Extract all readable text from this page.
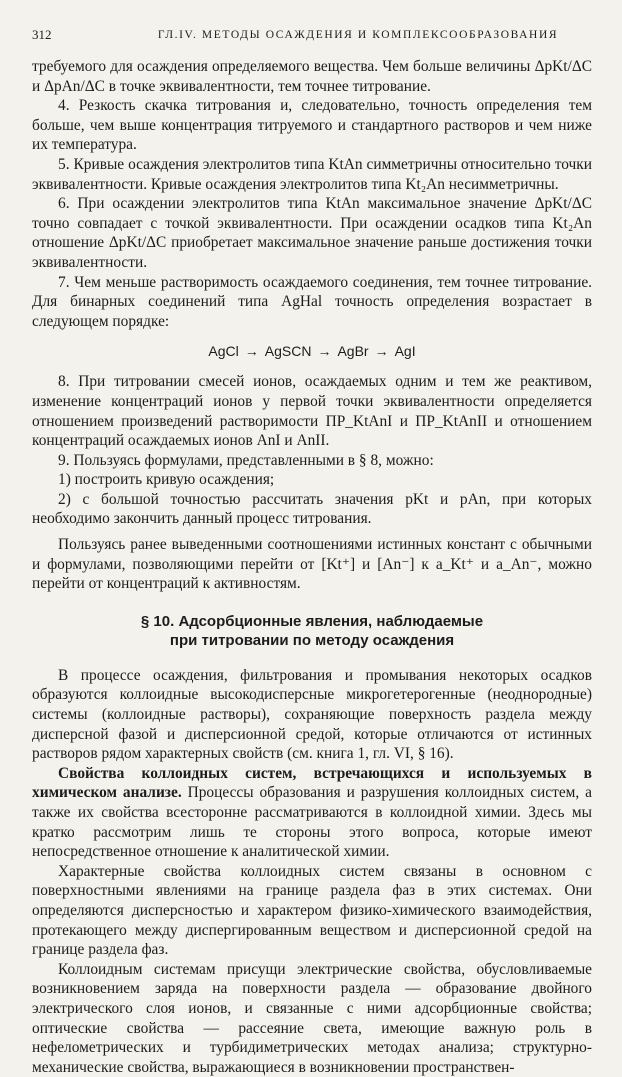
312	ГЛ.IV. МЕТОДЫ ОСАЖДЕНИЯ И КОМПЛЕКСООБРАЗОВАНИЯ

требуемого для осаждения определяемого вещества. Чем больше величины ΔpKt/ΔC и ΔpAn/ΔC в точке эквивалентности, тем точнее титрование.

4. Резкость скачка титрования и, следовательно, точность определения тем больше, чем выше концентрация титруемого и стандартного растворов и чем ниже их температура.

5. Кривые осаждения электролитов типа KtAn симметричны относительно точки эквивалентности. Кривые осаждения электролитов типа Kt₂An несимметричны.

6. При осаждении электролитов типа KtAn максимальное значение ΔpKt/ΔC точно совпадает с точкой эквивалентности. При осаждении осадков типа Kt₂An отношение ΔpKt/ΔC приобретает максимальное значение раньше достижения точки эквивалентности.

7. Чем меньше растворимость осаждаемого соединения, тем точнее титрование. Для бинарных соединений типа AgHal точность определения возрастает в следующем порядке:

AgCl → AgSCN → AgBr → AgI

8. При титровании смесей ионов, осаждаемых одним и тем же реактивом, изменение концентраций ионов у первой точки эквивалентности определяется отношением произведений растворимости ПР_KtAnI и ПР_KtAnII и отношением концентраций осаждаемых ионов AnI и AnII.

9. Пользуясь формулами, представленными в § 8, можно:

1) построить кривую осаждения;

2) с большой точностью рассчитать значения pKt и pAn, при которых необходимо закончить данный процесс титрования.

Пользуясь ранее выведенными соотношениями истинных констант с обычными и формулами, позволяющими перейти от [Kt⁺] и [An⁻] к a_Kt⁺ и a_An⁻, можно перейти от концентраций к активностям.

§ 10. Адсорбционные явления, наблюдаемые
при титровании по методу осаждения

В процессе осаждения, фильтрования и промывания некоторых осадков образуются коллоидные высокодисперсные микрогетерогенные (неоднородные) системы (коллоидные растворы), сохраняющие поверхность раздела между дисперсной фазой и дисперсионной средой, которые отличаются от истинных растворов рядом характерных свойств (см. книга 1, гл. VI, § 16).

Свойства коллоидных систем, встречающихся и используемых в химическом анализе. Процессы образования и разрушения коллоидных систем, а также их свойства всесторонне рассматриваются в коллоидной химии. Здесь мы кратко рассмотрим лишь те стороны этого вопроса, которые имеют непосредственное отношение к аналитической химии.

Характерные свойства коллоидных систем связаны в основном с поверхностными явлениями на границе раздела фаз в этих системах. Они определяются дисперсностью и характером физико-химического взаимодействия, протекающего между диспергированным веществом и дисперсионной средой на границе раздела фаз.

Коллоидным системам присущи электрические свойства, обусловливаемые возникновением заряда на поверхности раздела — образование двойного электрического слоя ионов, и связанные с ними адсорбционные свойства; оптические свойства — рассеяние света, имеющие важную роль в нефелометрических и турбидиметрических методах анализа; структурно-механические свойства, выражающиеся в возникновении пространствен-
